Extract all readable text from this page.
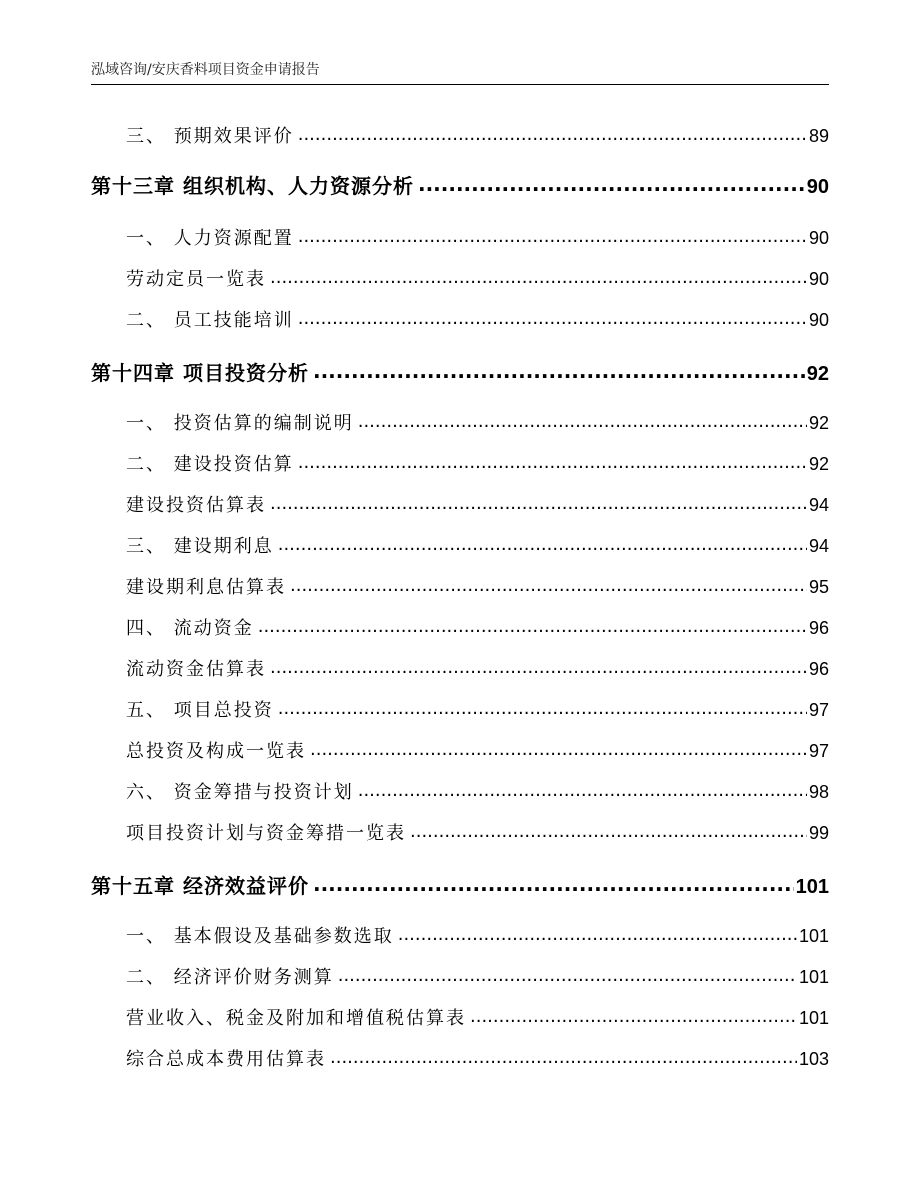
泓域咨询/安庆香料项目资金申请报告
三、 预期效果评价 .....	89
第十三章 组织机构、人力资源分析 .....	90
一、 人力资源配置 .....	90
劳动定员一览表 .....	90
二、 员工技能培训 .....	90
第十四章 项目投资分析 .....	92
一、 投资估算的编制说明 .....	92
二、 建设投资估算 .....	92
建设投资估算表 .....	94
三、 建设期利息 .....	94
建设期利息估算表 .....	95
四、 流动资金 .....	96
流动资金估算表 .....	96
五、 项目总投资 .....	97
总投资及构成一览表 .....	97
六、 资金筹措与投资计划 .....	98
项目投资计划与资金筹措一览表 .....	99
第十五章 经济效益评价 .....	101
一、 基本假设及基础参数选取 .....	101
二、 经济评价财务测算 .....	101
营业收入、税金及附加和增值税估算表 .....	101
综合总成本费用估算表 .....	103
